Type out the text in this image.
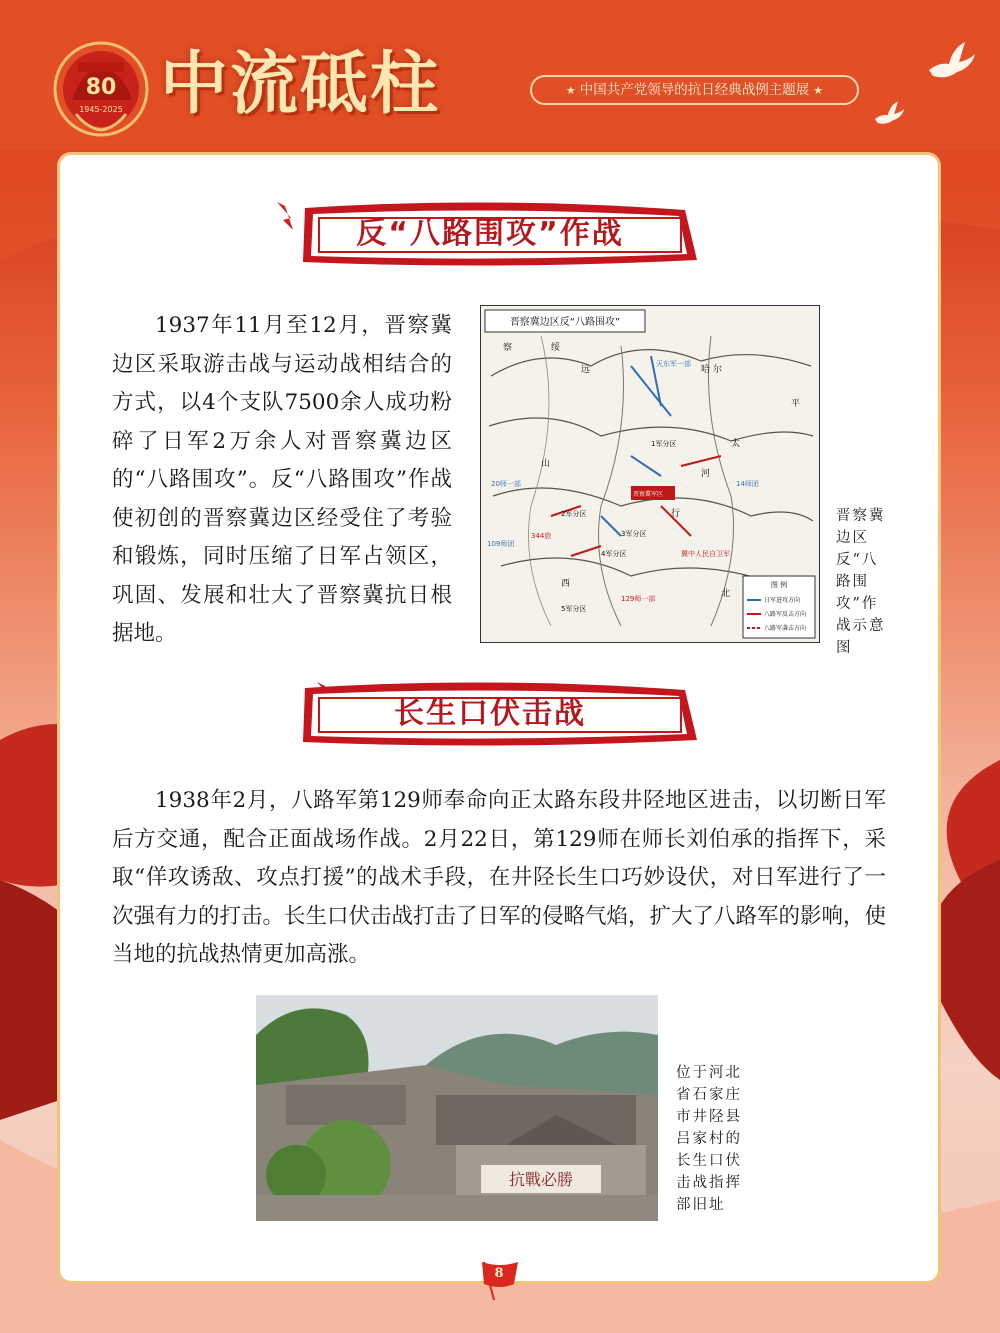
80
1945-2025 中流砥柱	★ 中国共产党领导的抗日经典战例主题展 ★
反“八路围攻”作战

1937年11月至12月，晋察冀边区采取游击战与运动战相结合的方式，以4个支队7500余人成功粉碎了日军2万余人对晋察冀边区的“八路围攻”。反“八路围攻”作战使初创的晋察冀边区经受住了考验和锻炼，同时压缩了日军占领区，巩固、发展和壮大了晋察冀抗日根据地。

晋察冀边区反“八路围攻”
察	绥
远	哈 尔
山
河
太
西
行
北
平
天东军一部
1军分区
2军分区
3军分区
4军分区
5军分区
14师团
109师团
20师一部
晋察冀军区
冀中人民自卫军
344旅
129师一部
图 例
日军进攻方向
八路军反击方向
八路军袭击方向

晋察冀边区反“八路围攻”作战示意图

长生口伏击战

1938年2月，八路军第129师奉命向正太路东段井陉地区进击，以切断日军后方交通，配合正面战场作战。2月22日，第129师在师长刘伯承的指挥下，采取“佯攻诱敌、攻点打援”的战术手段，在井陉长生口巧妙设伏，对日军进行了一次强有力的打击。长生口伏击战打击了日军的侵略气焰，扩大了八路军的影响，使当地的抗战热情更加高涨。

抗戰必勝

位于河北省石家庄市井陉县吕家村的长生口伏击战指挥部旧址

8
